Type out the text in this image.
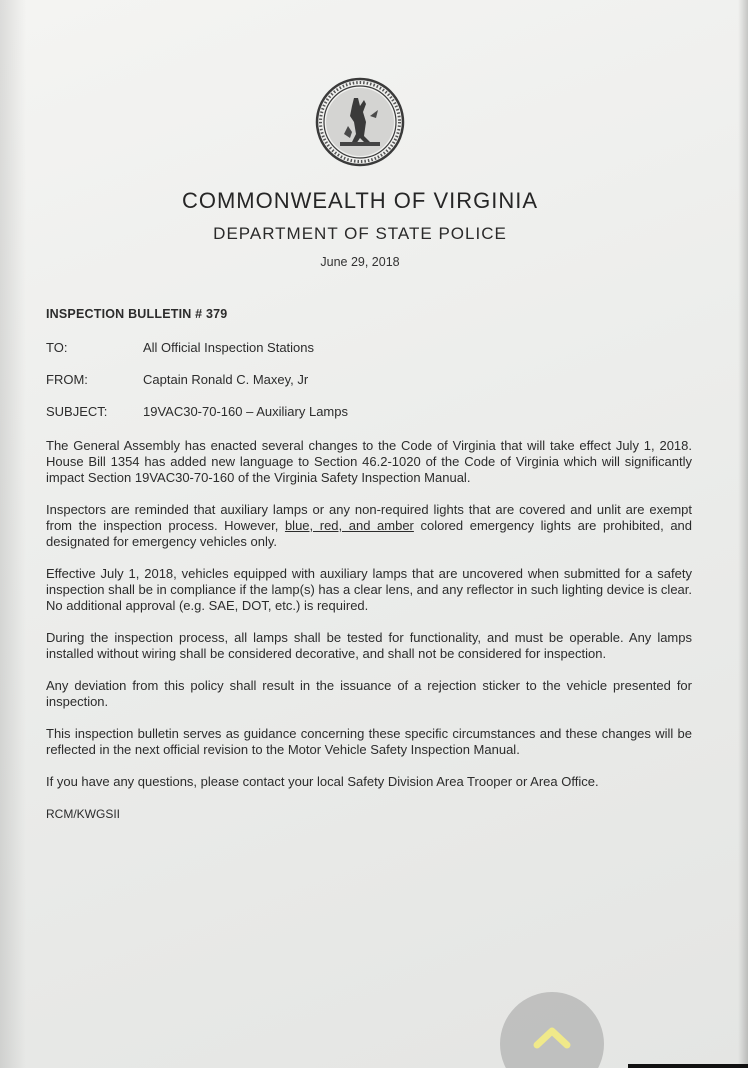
COMMONWEALTH OF VIRGINIA
DEPARTMENT OF STATE POLICE
June 29, 2018
INSPECTION BULLETIN # 379
TO:	All Official Inspection Stations
FROM:	Captain Ronald C. Maxey, Jr
SUBJECT:	19VAC30-70-160 – Auxiliary Lamps

The General Assembly has enacted several changes to the Code of Virginia that will take effect July 1, 2018. House Bill 1354 has added new language to Section 46.2-1020 of the Code of Virginia which will significantly impact Section 19VAC30-70-160 of the Virginia Safety Inspection Manual.

Inspectors are reminded that auxiliary lamps or any non-required lights that are covered and unlit are exempt from the inspection process. However, blue, red, and amber colored emergency lights are prohibited, and designated for emergency vehicles only.

Effective July 1, 2018, vehicles equipped with auxiliary lamps that are uncovered when submitted for a safety inspection shall be in compliance if the lamp(s) has a clear lens, and any reflector in such lighting device is clear. No additional approval (e.g. SAE, DOT, etc.) is required.

During the inspection process, all lamps shall be tested for functionality, and must be operable. Any lamps installed without wiring shall be considered decorative, and shall not be considered for inspection.

Any deviation from this policy shall result in the issuance of a rejection sticker to the vehicle presented for inspection.

This inspection bulletin serves as guidance concerning these specific circumstances and these changes will be reflected in the next official revision to the Motor Vehicle Safety Inspection Manual.

If you have any questions, please contact your local Safety Division Area Trooper or Area Office.

RCM/KWGSII
